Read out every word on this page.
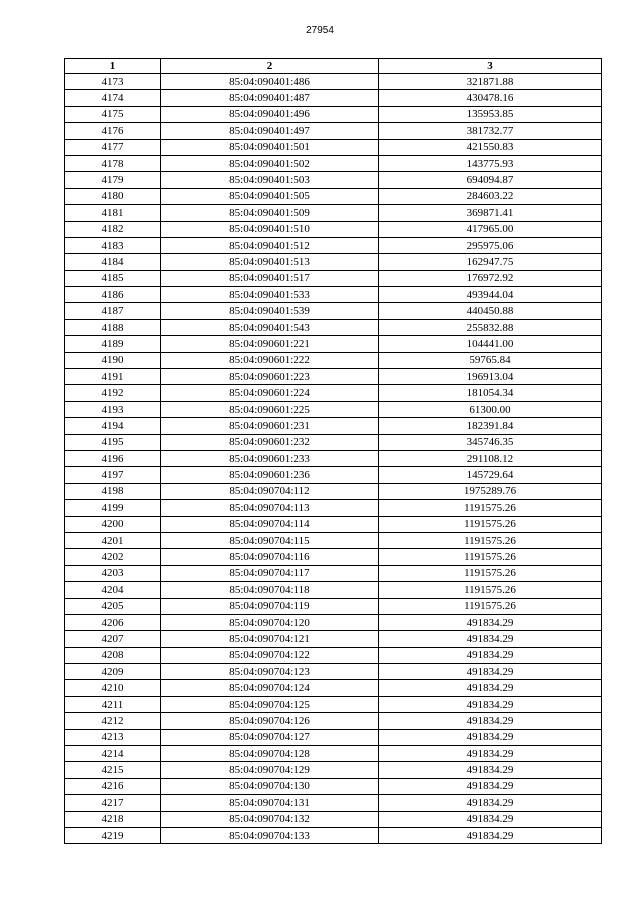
27954
1	2	3
4173	85:04:090401:486	321871.88
4174	85:04:090401:487	430478.16
4175	85:04:090401:496	135953.85
4176	85:04:090401:497	381732.77
4177	85:04:090401:501	421550.83
4178	85:04:090401:502	143775.93
4179	85:04:090401:503	694094.87
4180	85:04:090401:505	284603.22
4181	85:04:090401:509	369871.41
4182	85:04:090401:510	417965.00
4183	85:04:090401:512	295975.06
4184	85:04:090401:513	162947.75
4185	85:04:090401:517	176972.92
4186	85:04:090401:533	493944.04
4187	85:04:090401:539	440450.88
4188	85:04:090401:543	255832.88
4189	85:04:090601:221	104441.00
4190	85:04:090601:222	59765.84
4191	85:04:090601:223	196913.04
4192	85:04:090601:224	181054.34
4193	85:04:090601:225	61300.00
4194	85:04:090601:231	182391.84
4195	85:04:090601:232	345746.35
4196	85:04:090601:233	291108.12
4197	85:04:090601:236	145729.64
4198	85:04:090704:112	1975289.76
4199	85:04:090704:113	1191575.26
4200	85:04:090704:114	1191575.26
4201	85:04:090704:115	1191575.26
4202	85:04:090704:116	1191575.26
4203	85:04:090704:117	1191575.26
4204	85:04:090704:118	1191575.26
4205	85:04:090704:119	1191575.26
4206	85:04:090704:120	491834.29
4207	85:04:090704:121	491834.29
4208	85:04:090704:122	491834.29
4209	85:04:090704:123	491834.29
4210	85:04:090704:124	491834.29
4211	85:04:090704:125	491834.29
4212	85:04:090704:126	491834.29
4213	85:04:090704:127	491834.29
4214	85:04:090704:128	491834.29
4215	85:04:090704:129	491834.29
4216	85:04:090704:130	491834.29
4217	85:04:090704:131	491834.29
4218	85:04:090704:132	491834.29
4219	85:04:090704:133	491834.29
